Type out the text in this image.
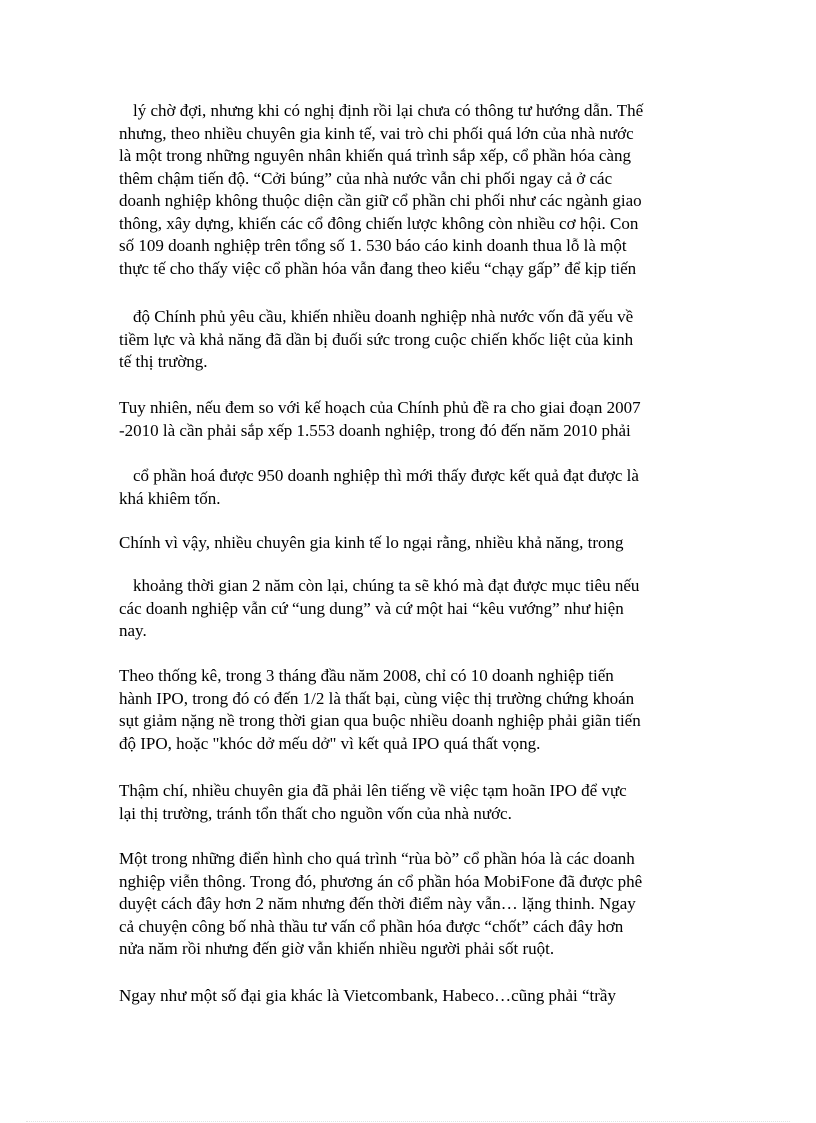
lý chờ đợi, nhưng khi có nghị định rồi lại chưa có thông tư hướng dẫn. Thế
nhưng, theo nhiều chuyên gia kinh tế, vai trò chi phối quá lớn của nhà nước
là một trong những nguyên nhân khiến quá trình sắp xếp, cổ phần hóa càng
thêm chậm tiến độ. “Cởi búng” của nhà nước vẫn chi phối ngay cả ở các
doanh nghiệp không thuộc diện cần giữ cổ phần chi phối như các ngành giao
thông, xây dựng, khiến các cổ đông chiến lược không còn nhiều cơ hội. Con
số 109 doanh nghiệp trên tổng số 1. 530 báo cáo kinh doanh thua lỗ là một
thực tế cho thấy việc cổ phần hóa vẫn đang theo kiểu “chạy gấp” để kịp tiến
độ Chính phủ yêu cầu, khiến nhiều doanh nghiệp nhà nước vốn đã yếu về
tiềm lực và khả năng đã dần bị đuối sức trong cuộc chiến khốc liệt của kinh
tế thị trường.
Tuy nhiên, nếu đem so với kế hoạch của Chính phủ đề ra cho giai đoạn 2007
-2010 là cần phải sắp xếp 1.553 doanh nghiệp, trong đó đến năm 2010 phải
cổ phần hoá được 950 doanh nghiệp thì mới thấy được kết quả đạt được là
khá khiêm tốn.
Chính vì vậy, nhiều chuyên gia kinh tế lo ngại rằng, nhiều khả năng, trong
khoảng thời gian 2 năm còn lại, chúng ta sẽ khó mà đạt được mục tiêu nếu
các doanh nghiệp vẫn cứ “ung dung” và cứ một hai “kêu vướng” như hiện
nay.
Theo thống kê, trong 3 tháng đầu năm 2008, chỉ có 10 doanh nghiệp tiến
hành IPO, trong đó có đến 1/2 là thất bại, cùng việc thị trường chứng khoán
sụt giảm nặng nề trong thời gian qua buộc nhiều doanh nghiệp phải giãn tiến
độ IPO, hoặc "khóc dở mếu dở" vì kết quả IPO quá thất vọng.
Thậm chí, nhiều chuyên gia đã phải lên tiếng về việc tạm hoãn IPO để vực
lại thị trường, tránh tổn thất cho nguồn vốn của nhà nước.
Một trong những điển hình cho quá trình “rùa bò” cổ phần hóa là các doanh
nghiệp viễn thông. Trong đó, phương án cổ phần hóa MobiFone đã được phê
duyệt cách đây hơn 2 năm nhưng đến thời điểm này vẫn… lặng thinh. Ngay
cả chuyện công bố nhà thầu tư vấn cổ phần hóa được “chốt” cách đây hơn
nửa năm rồi nhưng đến giờ vẫn khiến nhiều người phải sốt ruột.
Ngay như một số đại gia khác là Vietcombank, Habeco…cũng phải “trầy
